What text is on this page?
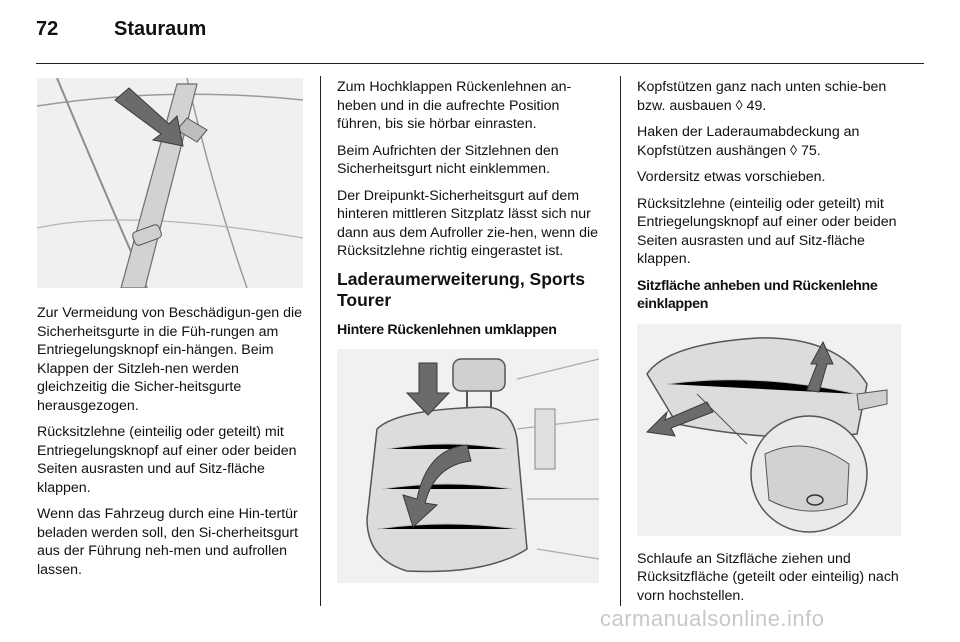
72	Stauraum

Zur Vermeidung von Beschädigun-gen die Sicherheitsgurte in die Füh-rungen am Entriegelungsknopf ein-hängen. Beim Klappen der Sitzleh-nen werden gleichzeitig die Sicher-heitsgurte herausgezogen.

Rücksitzlehne (einteilig oder geteilt) mit Entriegelungsknopf auf einer oder beiden Seiten ausrasten und auf Sitz-fläche klappen.

Wenn das Fahrzeug durch eine Hin-tertür beladen werden soll, den Si-cherheitsgurt aus der Führung neh-men und aufrollen lassen.

Zum Hochklappen Rückenlehnen an-heben und in die aufrechte Position führen, bis sie hörbar einrasten.

Beim Aufrichten der Sitzlehnen den Sicherheitsgurt nicht einklemmen.

Der Dreipunkt-Sicherheitsgurt auf dem hinteren mittleren Sitzplatz lässt sich nur dann aus dem Aufroller zie-hen, wenn die Rücksitzlehne richtig eingerastet ist.

Laderaumerweiterung, Sports Tourer
Hintere Rückenlehnen umklappen

Kopfstützen ganz nach unten schie-ben bzw. ausbauen ◊ 49.

Haken der Laderaumabdeckung an Kopfstützen aushängen ◊ 75.

Vordersitz etwas vorschieben.

Rücksitzlehne (einteilig oder geteilt) mit Entriegelungsknopf auf einer oder beiden Seiten ausrasten und auf Sitz-fläche klappen.

Sitzfläche anheben und Rückenlehne einklappen

Schlaufe an Sitzfläche ziehen und Rücksitzfläche (geteilt oder einteilig) nach vorn hochstellen.

carmanualsonline.info
